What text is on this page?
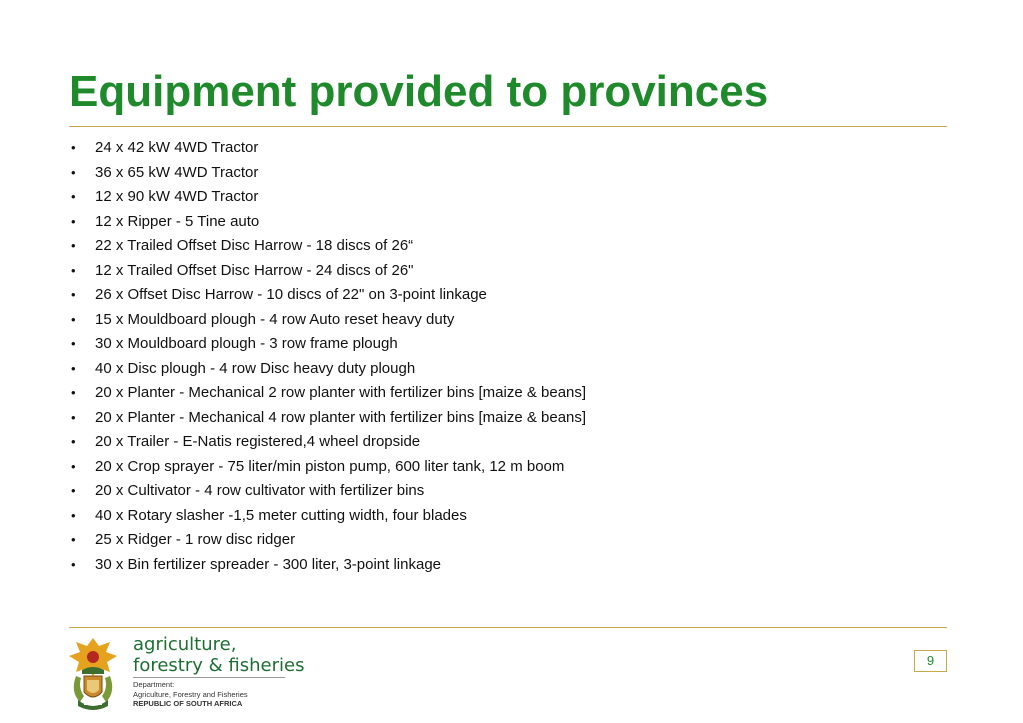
Equipment provided to provinces
• 24 x 42 kW 4WD Tractor
• 36 x 65 kW 4WD Tractor
• 12 x 90 kW 4WD Tractor
• 12 x Ripper - 5 Tine auto
• 22 x Trailed Offset Disc Harrow - 18 discs of 26“
• 12 x Trailed Offset Disc Harrow - 24 discs of 26"
• 26 x Offset Disc Harrow - 10 discs of 22" on 3-point linkage
• 15 x Mouldboard plough - 4 row Auto reset heavy duty
• 30 x Mouldboard plough - 3 row frame plough
• 40 x Disc plough - 4 row Disc heavy duty plough
• 20 x Planter - Mechanical 2 row planter with fertilizer bins [maize & beans]
• 20 x Planter - Mechanical 4 row planter with fertilizer bins [maize & beans]
• 20 x Trailer - E-Natis registered,4 wheel dropside
• 20 x Crop sprayer - 75 liter/min piston pump, 600 liter tank, 12 m boom
• 20 x Cultivator - 4 row cultivator with fertilizer bins
• 40 x Rotary slasher -1,5 meter cutting width, four blades
• 25 x Ridger - 1 row disc ridger
• 30 x Bin fertilizer spreader - 300 liter, 3-point linkage
agriculture,
forestry & fisheries
Department:
Agriculture, Forestry and Fisheries
REPUBLIC OF SOUTH AFRICA
9
